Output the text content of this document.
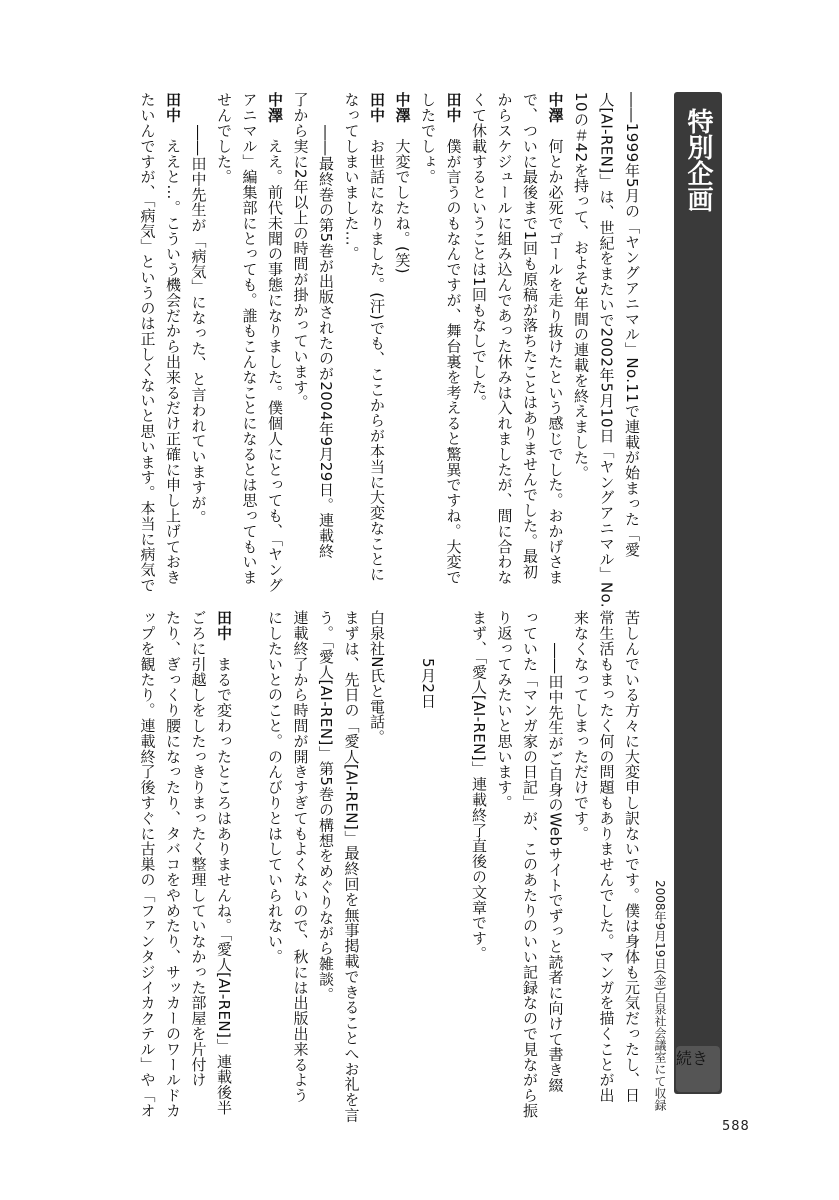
特別企画
田中ユタカロングインタビュー
続き
2008年9月19日(金)白泉社会議室にて収録
――1999年5月の「ヤングアニマル」No.11で連載が始まった「愛
人[AI-REN]」は、世紀をまたいで2002年5月10日「ヤングアニマル」No.
10の＃42を持って、およそ3年間の連載を終えました。
中澤　何とか必死でゴールを走り抜けたという感じでした。おかげさま
で、ついに最後まで1回も原稿が落ちたことはありませんでした。最初
からスケジュールに組み込んであった休みは入れましたが、間に合わな
くて休載するということは1回もなしでした。
田中　僕が言うのもなんですが、舞台裏を考えると驚異ですね。大変で
したでしょ。
中澤　大変でしたね。(笑)
田中　お世話になりました。(汗)でも、ここからが本当に大変なことに
なってしまいました…。
――最終巻の第5巻が出版されたのが2004年9月29日。連載終
了から実に2年以上の時間が掛かっています。
中澤　ええ。前代未聞の事態になりました。僕個人にとっても、「ヤング
アニマル」編集部にとっても。誰もこんなことになるとは思ってもいま
せんでした。
――田中先生が「病気」になった、と言われていますが。
田中　ええと…。こういう機会だから出来るだけ正確に申し上げておき
たいんですが、「病気」というのは正しくないと思います。本当に病気で
苦しんでいる方々に大変申し訳ないです。僕は身体も元気だったし、日
常生活もまったく何の問題もありませんでした。マンガを描くことが出
来なくなってしまっただけです。
――田中先生がご自身のWebサイトでずっと読者に向けて書き綴
っていた「マンガ家の日記」が、このあたりのいい記録なので見ながら振
り返ってみたいと思います。
まず、「愛人[AI-REN]」連載終了直後の文章です。

5月2日

白泉社N氏と電話。
まずは、先日の「愛人[AI-REN]」最終回を無事掲載できることへお礼を言
う。「愛人[AI-REN]」第5巻の構想をめぐりながら雑談。
連載終了から時間が開きすぎてもよくないので、秋には出版出来るよう
にしたいとのこと。のんびりとはしていられない。

田中　まるで変わったところはありませんね。「愛人[AI-REN]」連載後半
ごろに引越しをしたっきりまったく整理していなかった部屋を片付け
たり、ぎっくり腰になったり、タバコをやめたり、サッカーのワールドカ
ップを観たり。連載終了後すぐに古巣の「ファンタジイカクテル」や「オ
588
